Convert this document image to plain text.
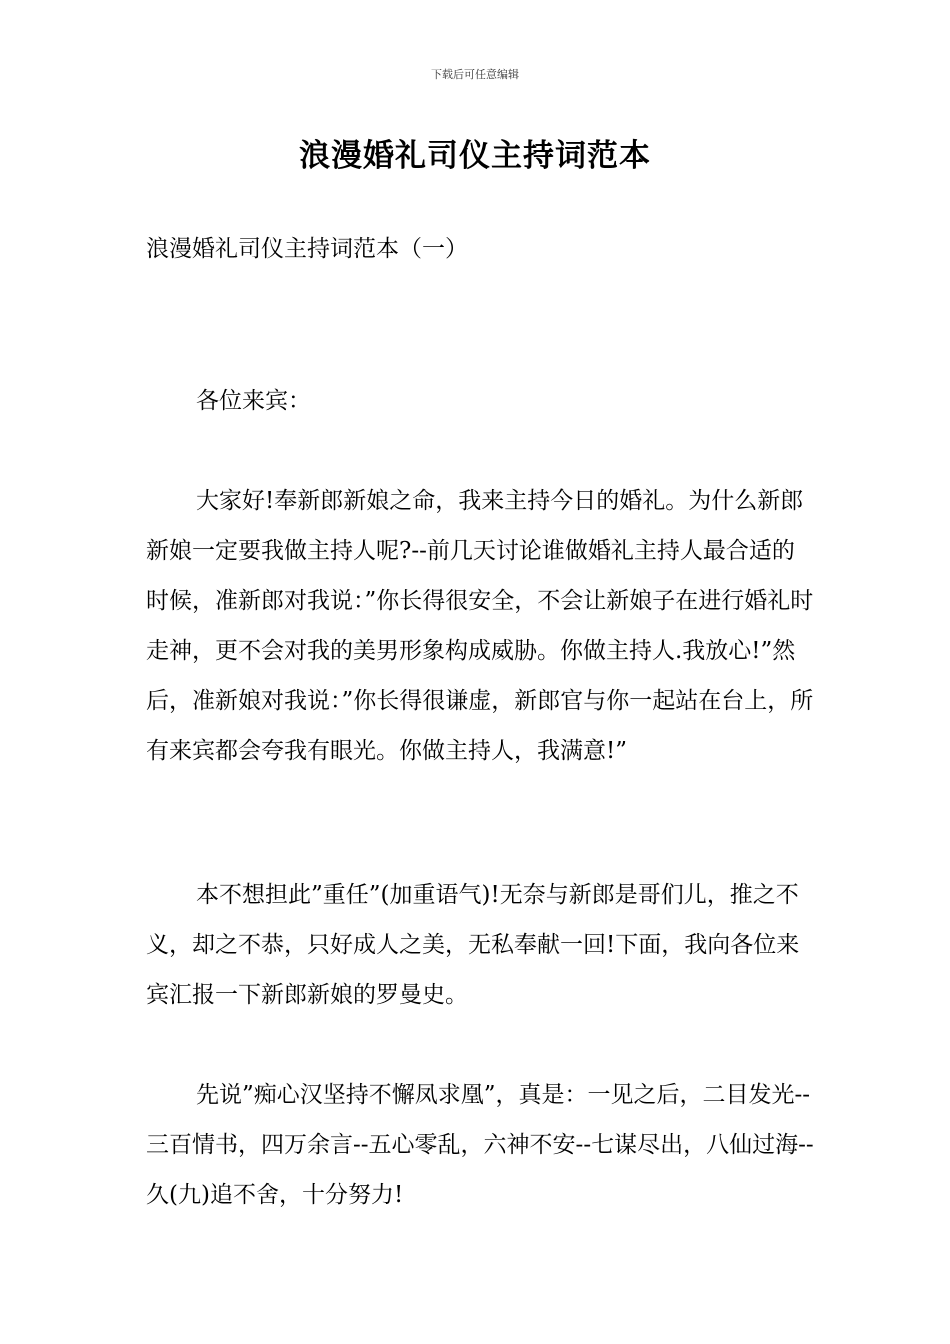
下载后可任意编辑
浪漫婚礼司仪主持词范本
浪漫婚礼司仪主持词范本（一）

各位来宾：

大家好!奉新郎新娘之命，我来主持今日的婚礼。为什么新郎新娘一定要我做主持人呢?--前几天讨论谁做婚礼主持人最合适的时候，准新郎对我说：”你长得很安全，不会让新娘子在进行婚礼时走神，更不会对我的美男形象构成威胁。你做主持人.我放心!”然后，准新娘对我说：”你长得很谦虚，新郎官与你一起站在台上，所有来宾都会夸我有眼光。你做主持人，我满意!”

本不想担此”重任”(加重语气)!无奈与新郎是哥们儿，推之不义，却之不恭，只好成人之美，无私奉献一回!下面，我向各位来宾汇报一下新郎新娘的罗曼史。

先说”痴心汉坚持不懈凤求凰”，真是：一见之后，二目发光--三百情书，四万余言--五心零乱，六神不安--七谋尽出，八仙过海--久(九)追不舍，十分努力!
